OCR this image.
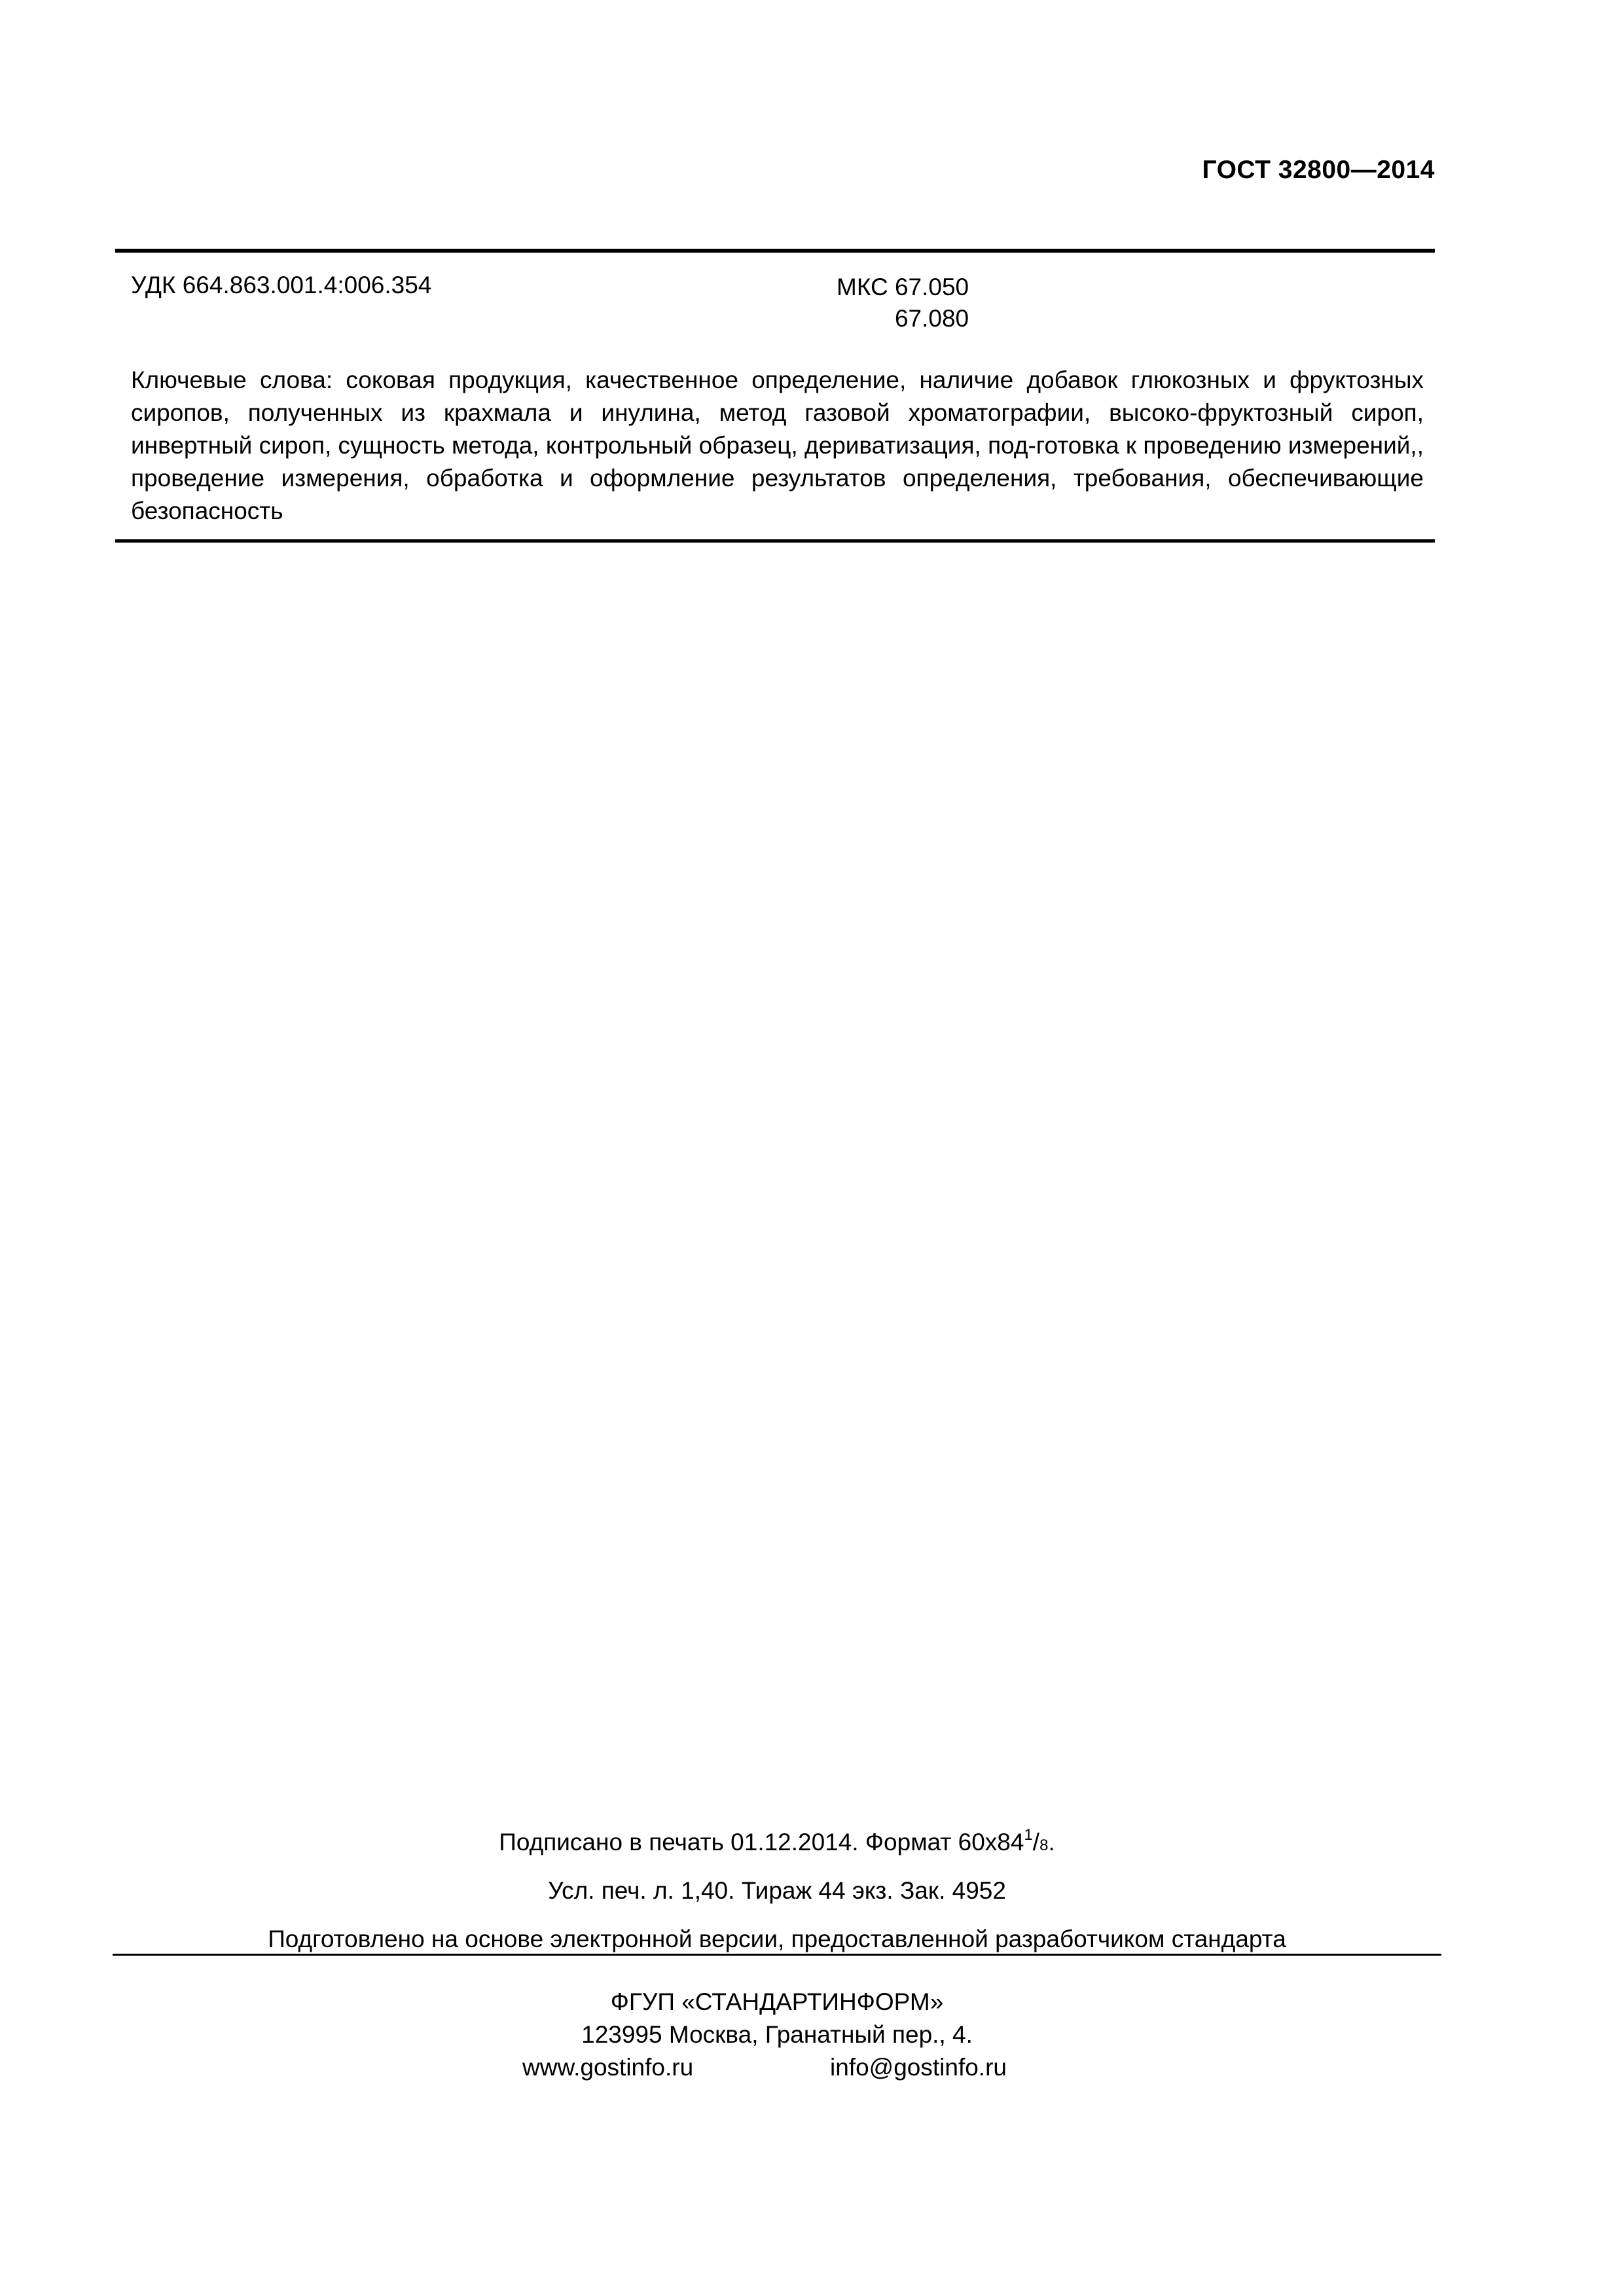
ГОСТ 32800—2014
УДК 664.863.001.4:006.354	МКС 67.050
67.080
Ключевые слова: соковая продукция, качественное определение, наличие добавок глюкозных и фруктозных сиропов, полученных из крахмала и инулина, метод газовой хроматографии, высоко-фруктозный сироп, инвертный сироп, сущность метода, контрольный образец, дериватизация, под-готовка к проведению измерений,, проведение измерения, обработка и оформление результатов определения, требования, обеспечивающие безопасность
Подписано в печать 01.12.2014. Формат $60х84^1/8$.
Усл. печ. л. 1,40. Тираж 44 экз. Зак. 4952
Подготовлено на основе электронной версии, предоставленной разработчиком стандарта
ФГУП «СТАНДАРТИНФОРМ»
123995 Москва, Гранатный пер., 4.
www.gostinfo.ru	info@gostinfo.ru
